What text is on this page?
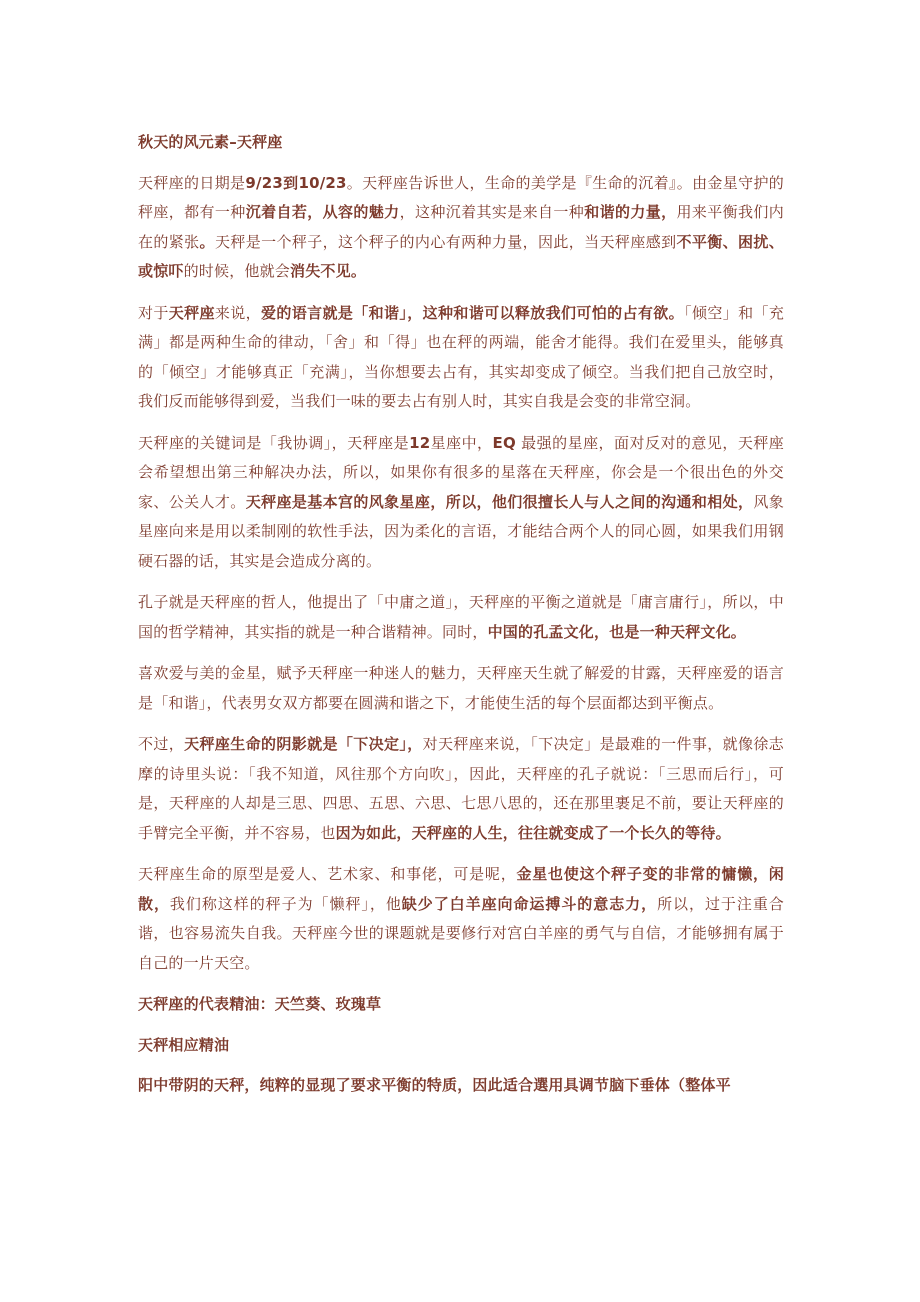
秋天的风元素–天秤座
天秤座的日期是9/23到10/23。天秤座告诉世人，生命的美学是『生命的沉着』。由金星守护的秤座，都有一种沉着自若，从容的魅力，这种沉着其实是来自一种和谐的力量，用来平衡我们内在的紧张。天秤是一个秤子，这个秤子的内心有两种力量，因此，当天秤座感到不平衡、困扰、或惊吓的时候，他就会消失不见。
对于天秤座来说，爱的语言就是「和谐」，这种和谐可以释放我们可怕的占有欲。「倾空」和「充满」都是两种生命的律动，「舍」和「得」也在秤的两端，能舍才能得。我们在爱里头，能够真的「倾空」才能够真正「充满」，当你想要去占有，其实却变成了倾空。当我们把自己放空时，我们反而能够得到爱，当我们一味的要去占有别人时，其实自我是会变的非常空洞。
天秤座的关键词是「我协调」，天秤座是12星座中，EQ 最强的星座，面对反对的意见，天秤座会希望想出第三种解决办法，所以，如果你有很多的星落在天秤座，你会是一个很出色的外交家、公关人才。天秤座是基本宫的风象星座，所以，他们很擅长人与人之间的沟通和相处，风象星座向来是用以柔制刚的软性手法，因为柔化的言语，才能结合两个人的同心圆，如果我们用钢硬石器的话，其实是会造成分离的。
孔子就是天秤座的哲人，他提出了「中庸之道」，天秤座的平衡之道就是「庸言庸行」，所以，中国的哲学精神，其实指的就是一种合谐精神。同时，中国的孔孟文化，也是一种天秤文化。
喜欢爱与美的金星，赋予天秤座一种迷人的魅力，天秤座天生就了解爱的甘露，天秤座爱的语言是「和谐」，代表男女双方都要在圆满和谐之下，才能使生活的每个层面都达到平衡点。
不过，天秤座生命的阴影就是「下决定」，对天秤座来说，「下决定」是最难的一件事，就像徐志摩的诗里头说：「我不知道，风往那个方向吹」，因此，天秤座的孔子就说：「三思而后行」，可是，天秤座的人却是三思、四思、五思、六思、七思八思的，还在那里裹足不前，要让天秤座的手臂完全平衡，并不容易，也因为如此，天秤座的人生，往往就变成了一个长久的等待。
天秤座生命的原型是爱人、艺术家、和事佬，可是呢，金星也使这个秤子变的非常的慵懒，闲散，我们称这样的秤子为「懒秤」，他缺少了白羊座向命运搏斗的意志力，所以，过于注重合谐，也容易流失自我。天秤座今世的课题就是要修行对宫白羊座的勇气与自信，才能够拥有属于自己的一片天空。
天秤座的代表精油：天竺葵、玫瑰草
天秤相应精油
阳中带阴的天秤，纯粹的显现了要求平衡的特质，因此适合選用具调节脑下垂体（整体平
